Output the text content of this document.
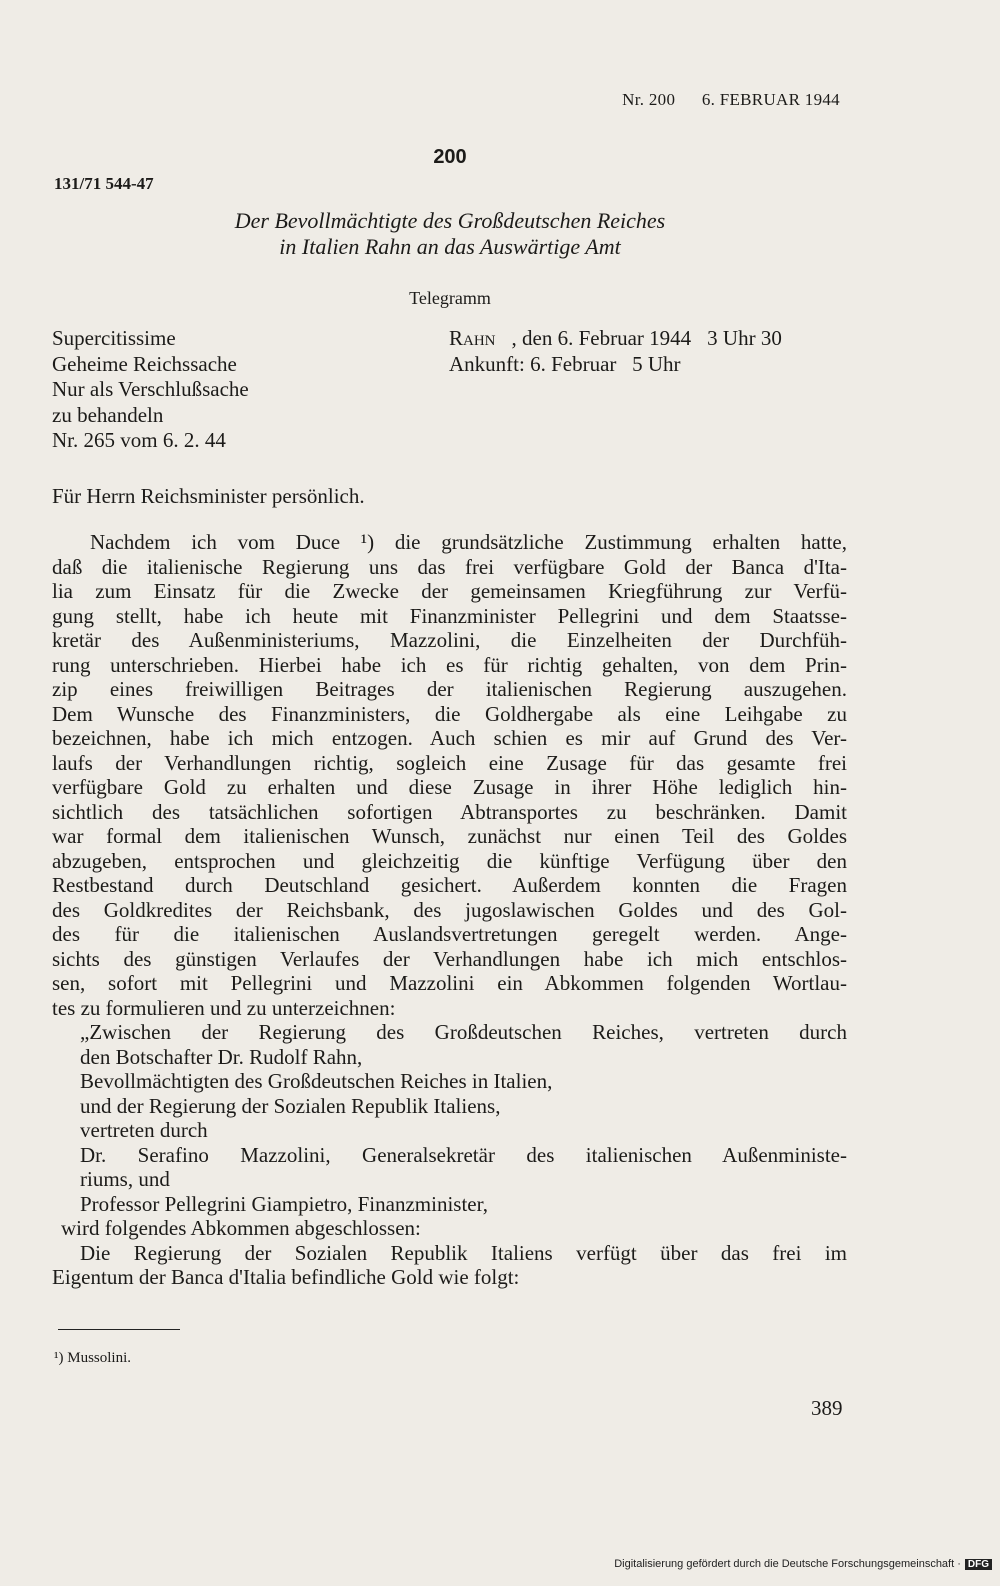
Nr. 200 6. FEBRUAR 1944
200
131/71 544-47
Der Bevollmächtigte des Großdeutschen Reiches
in Italien Rahn an das Auswärtige Amt
Telegramm
Supercitissime
Geheime Reichssache
Nur als Verschlußsache
zu behandeln
Nr. 265 vom 6. 2. 44
Rahn , den 6. Februar 1944 3 Uhr 30
Ankunft: 6. Februar   5 Uhr
Für Herrn Reichsminister persönlich.
Nachdem ich vom Duce ¹) die grundsätzliche Zustimmung erhalten hatte,
daß die italienische Regierung uns das frei verfügbare Gold der Banca d'Ita-
lia zum Einsatz für die Zwecke der gemeinsamen Kriegführung zur Verfü-
gung stellt, habe ich heute mit Finanzminister Pellegrini und dem Staatsse-
kretär des Außenministeriums, Mazzolini, die Einzelheiten der Durchfüh-
rung unterschrieben. Hierbei habe ich es für richtig gehalten, von dem Prin-
zip eines freiwilligen Beitrages der italienischen Regierung auszugehen.
Dem Wunsche des Finanzministers, die Goldhergabe als eine Leihgabe zu
bezeichnen, habe ich mich entzogen. Auch schien es mir auf Grund des Ver-
laufs der Verhandlungen richtig, sogleich eine Zusage für das gesamte frei
verfügbare Gold zu erhalten und diese Zusage in ihrer Höhe lediglich hin-
sichtlich des tatsächlichen sofortigen Abtransportes zu beschränken. Damit
war formal dem italienischen Wunsch, zunächst nur einen Teil des Goldes
abzugeben, entsprochen und gleichzeitig die künftige Verfügung über den
Restbestand durch Deutschland gesichert. Außerdem konnten die Fragen
des Goldkredites der Reichsbank, des jugoslawischen Goldes und des Gol-
des für die italienischen Auslandsvertretungen geregelt werden. Ange-
sichts des günstigen Verlaufes der Verhandlungen habe ich mich entschlos-
sen, sofort mit Pellegrini und Mazzolini ein Abkommen folgenden Wortlau-
tes zu formulieren und zu unterzeichnen:
„Zwischen der Regierung des Großdeutschen Reiches, vertreten durch
den Botschafter Dr. Rudolf Rahn,
Bevollmächtigten des Großdeutschen Reiches in Italien,
und der Regierung der Sozialen Republik Italiens,
vertreten durch
Dr. Serafino Mazzolini, Generalsekretär des italienischen Außenministe-
riums, und
Professor Pellegrini Giampietro, Finanzminister,
wird folgendes Abkommen abgeschlossen:
Die Regierung der Sozialen Republik Italiens verfügt über das frei im
Eigentum der Banca d'Italia befindliche Gold wie folgt:
¹) Mussolini.
389
Digitalisierung gefördert durch die Deutsche Forschungsgemeinschaft · DFG
